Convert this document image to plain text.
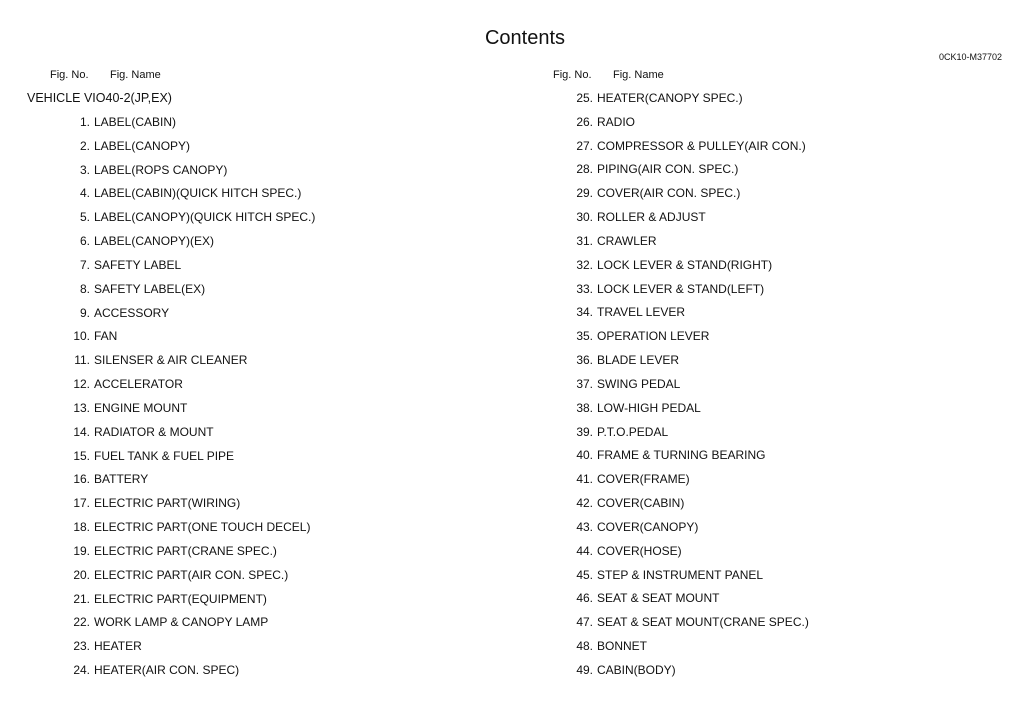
Contents
0CK10-M37702
Fig. No. Fig. Name	Fig. No. Fig. Name
VEHICLE VIO40-2(JP,EX)
1. LABEL(CABIN)
2. LABEL(CANOPY)
3. LABEL(ROPS CANOPY)
4. LABEL(CABIN)(QUICK HITCH SPEC.)
5. LABEL(CANOPY)(QUICK HITCH SPEC.)
6. LABEL(CANOPY)(EX)
7. SAFETY LABEL
8. SAFETY LABEL(EX)
9. ACCESSORY
10. FAN
11. SILENSER & AIR CLEANER
12. ACCELERATOR
13. ENGINE MOUNT
14. RADIATOR & MOUNT
15. FUEL TANK & FUEL PIPE
16. BATTERY
17. ELECTRIC PART(WIRING)
18. ELECTRIC PART(ONE TOUCH DECEL)
19. ELECTRIC PART(CRANE SPEC.)
20. ELECTRIC PART(AIR CON. SPEC.)
21. ELECTRIC PART(EQUIPMENT)
22. WORK LAMP & CANOPY LAMP
23. HEATER
24. HEATER(AIR CON. SPEC)
25. HEATER(CANOPY SPEC.)
26. RADIO
27. COMPRESSOR & PULLEY(AIR CON.)
28. PIPING(AIR CON. SPEC.)
29. COVER(AIR CON. SPEC.)
30. ROLLER & ADJUST
31. CRAWLER
32. LOCK LEVER & STAND(RIGHT)
33. LOCK LEVER & STAND(LEFT)
34. TRAVEL LEVER
35. OPERATION LEVER
36. BLADE LEVER
37. SWING PEDAL
38. LOW-HIGH PEDAL
39. P.T.O.PEDAL
40. FRAME & TURNING BEARING
41. COVER(FRAME)
42. COVER(CABIN)
43. COVER(CANOPY)
44. COVER(HOSE)
45. STEP & INSTRUMENT PANEL
46. SEAT & SEAT MOUNT
47. SEAT & SEAT MOUNT(CRANE SPEC.)
48. BONNET
49. CABIN(BODY)
